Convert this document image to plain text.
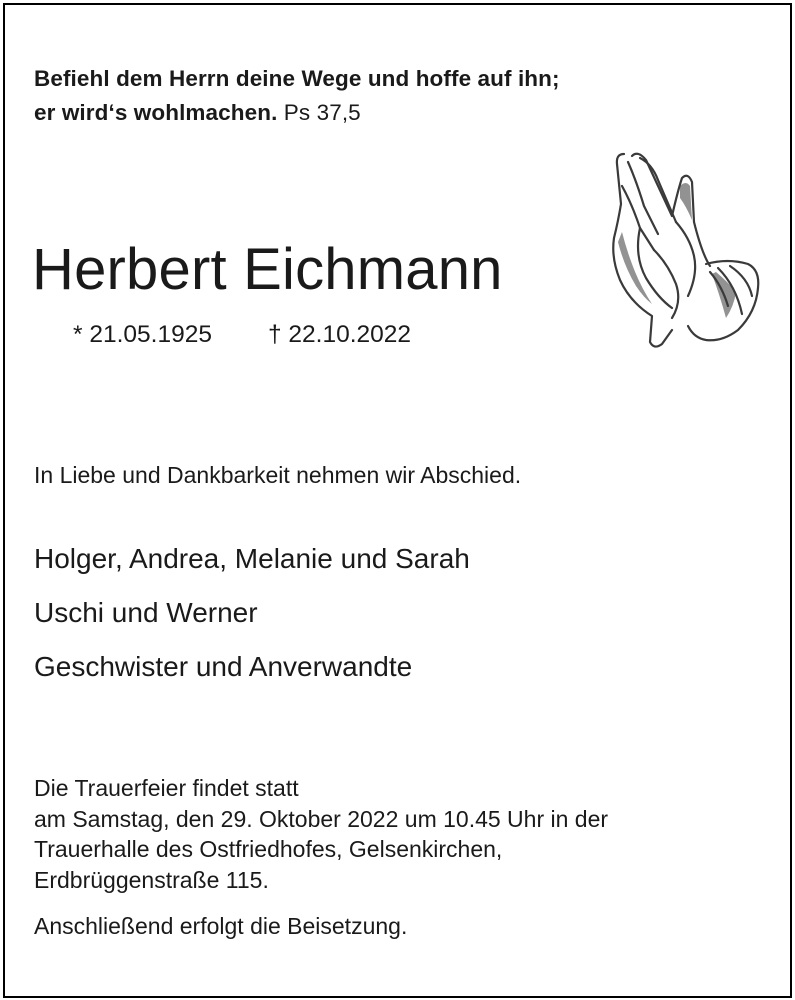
Befiehl dem Herrn deine Wege und hoffe auf ihn;
er wird‘s wohlmachen. Ps 37,5
Herbert Eichmann
* 21.05.1925 † 22.10.2022
In Liebe und Dankbarkeit nehmen wir Abschied.
Holger, Andrea, Melanie und Sarah
Uschi und Werner
Geschwister und Anverwandte
Die Trauerfeier findet statt
am Samstag, den 29. Oktober 2022 um 10.45 Uhr in der
Trauerhalle des Ostfriedhofes, Gelsenkirchen,
Erdbrüggenstraße 115.
Anschließend erfolgt die Beisetzung.
